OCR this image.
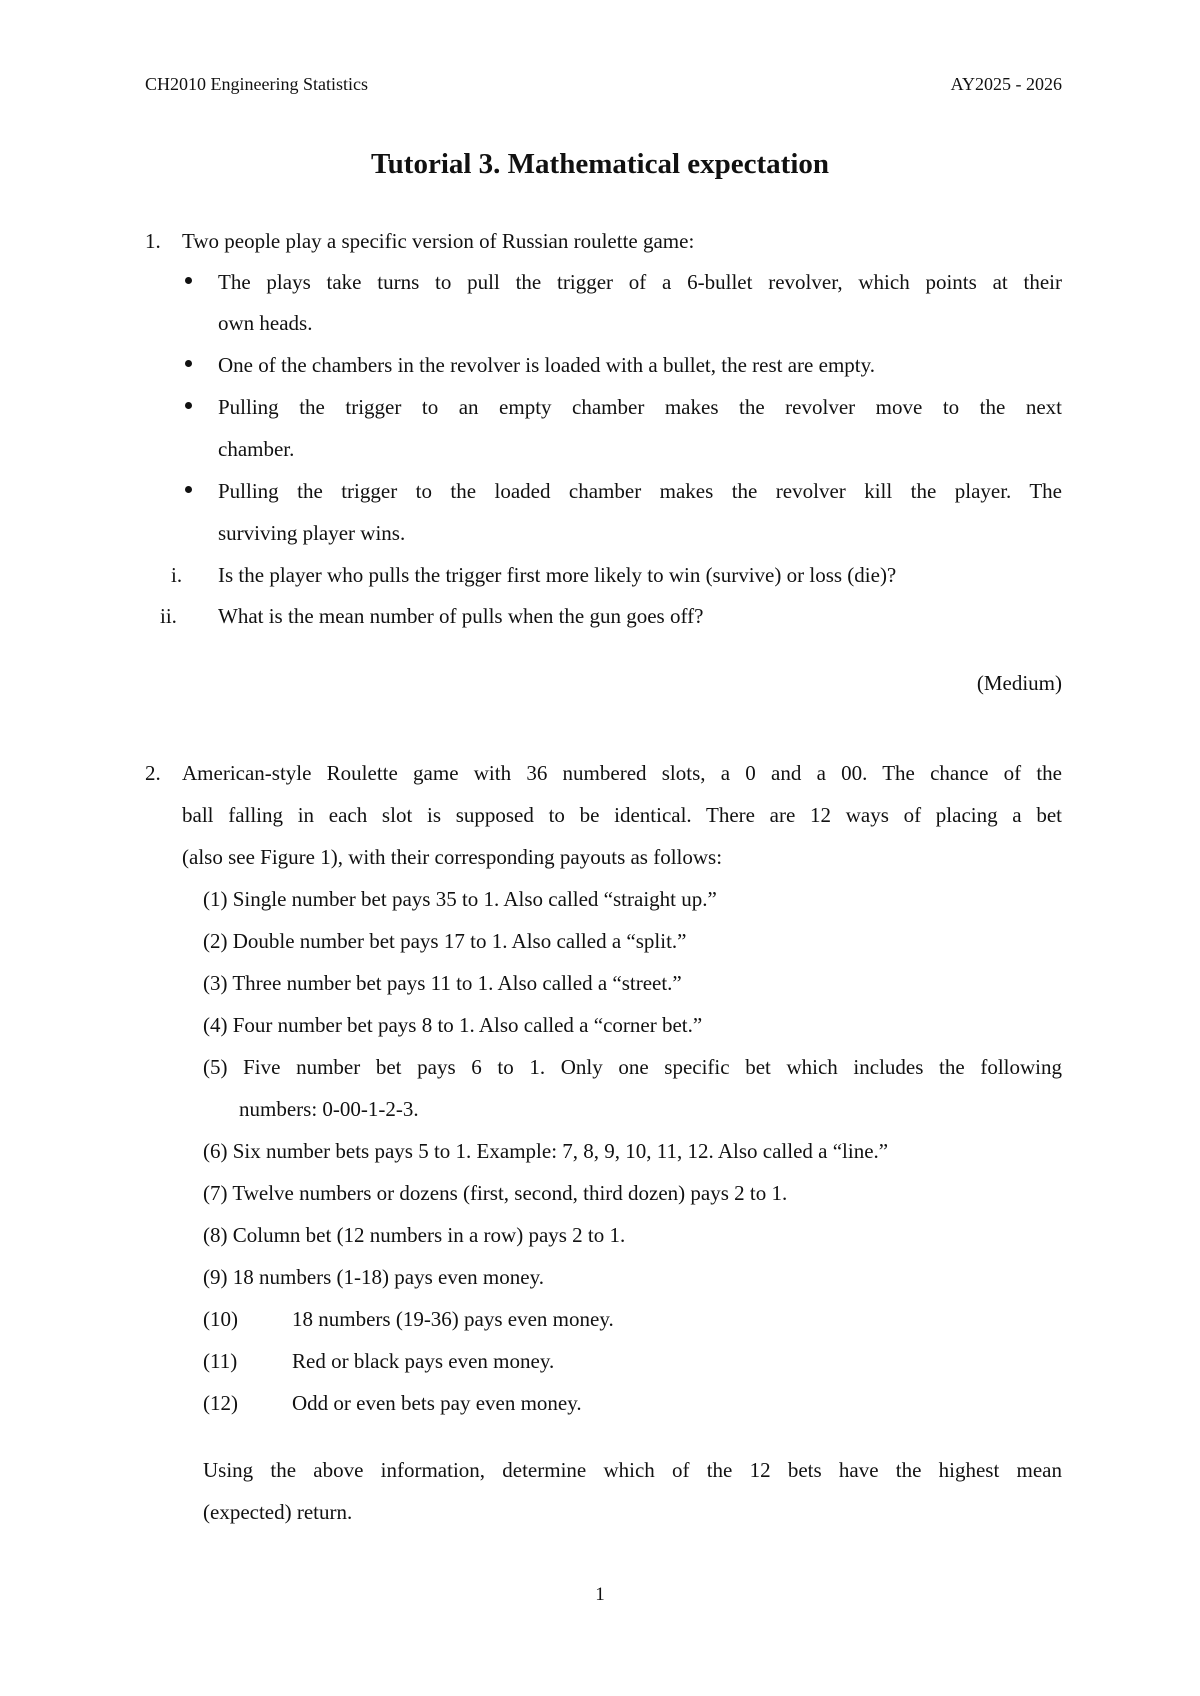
CH2010 Engineering Statistics	AY2025 - 2026
Tutorial 3. Mathematical expectation
1. Two people play a specific version of Russian roulette game:
The plays take turns to pull the trigger of a 6-bullet revolver, which points at their
own heads.
One of the chambers in the revolver is loaded with a bullet, the rest are empty.
Pulling the trigger to an empty chamber makes the revolver move to the next
chamber.
Pulling the trigger to the loaded chamber makes the revolver kill the player. The
surviving player wins.
i. Is the player who pulls the trigger first more likely to win (survive) or loss (die)?
ii. What is the mean number of pulls when the gun goes off?
(Medium)
2. American-style Roulette game with 36 numbered slots, a 0 and a 00. The chance of the
ball falling in each slot is supposed to be identical. There are 12 ways of placing a bet
(also see Figure 1), with their corresponding payouts as follows:
(1) Single number bet pays 35 to 1. Also called “straight up.”
(2) Double number bet pays 17 to 1. Also called a “split.”
(3) Three number bet pays 11 to 1. Also called a “street.”
(4) Four number bet pays 8 to 1. Also called a “corner bet.”
(5) Five number bet pays 6 to 1. Only one specific bet which includes the following
numbers: 0-00-1-2-3.
(6) Six number bets pays 5 to 1. Example: 7, 8, 9, 10, 11, 12. Also called a “line.”
(7) Twelve numbers or dozens (first, second, third dozen) pays 2 to 1.
(8) Column bet (12 numbers in a row) pays 2 to 1.
(9) 18 numbers (1-18) pays even money.
(10)	18 numbers (19-36) pays even money.
(11)	Red or black pays even money.
(12)	Odd or even bets pay even money.
Using the above information, determine which of the 12 bets have the highest mean
(expected) return.
1
